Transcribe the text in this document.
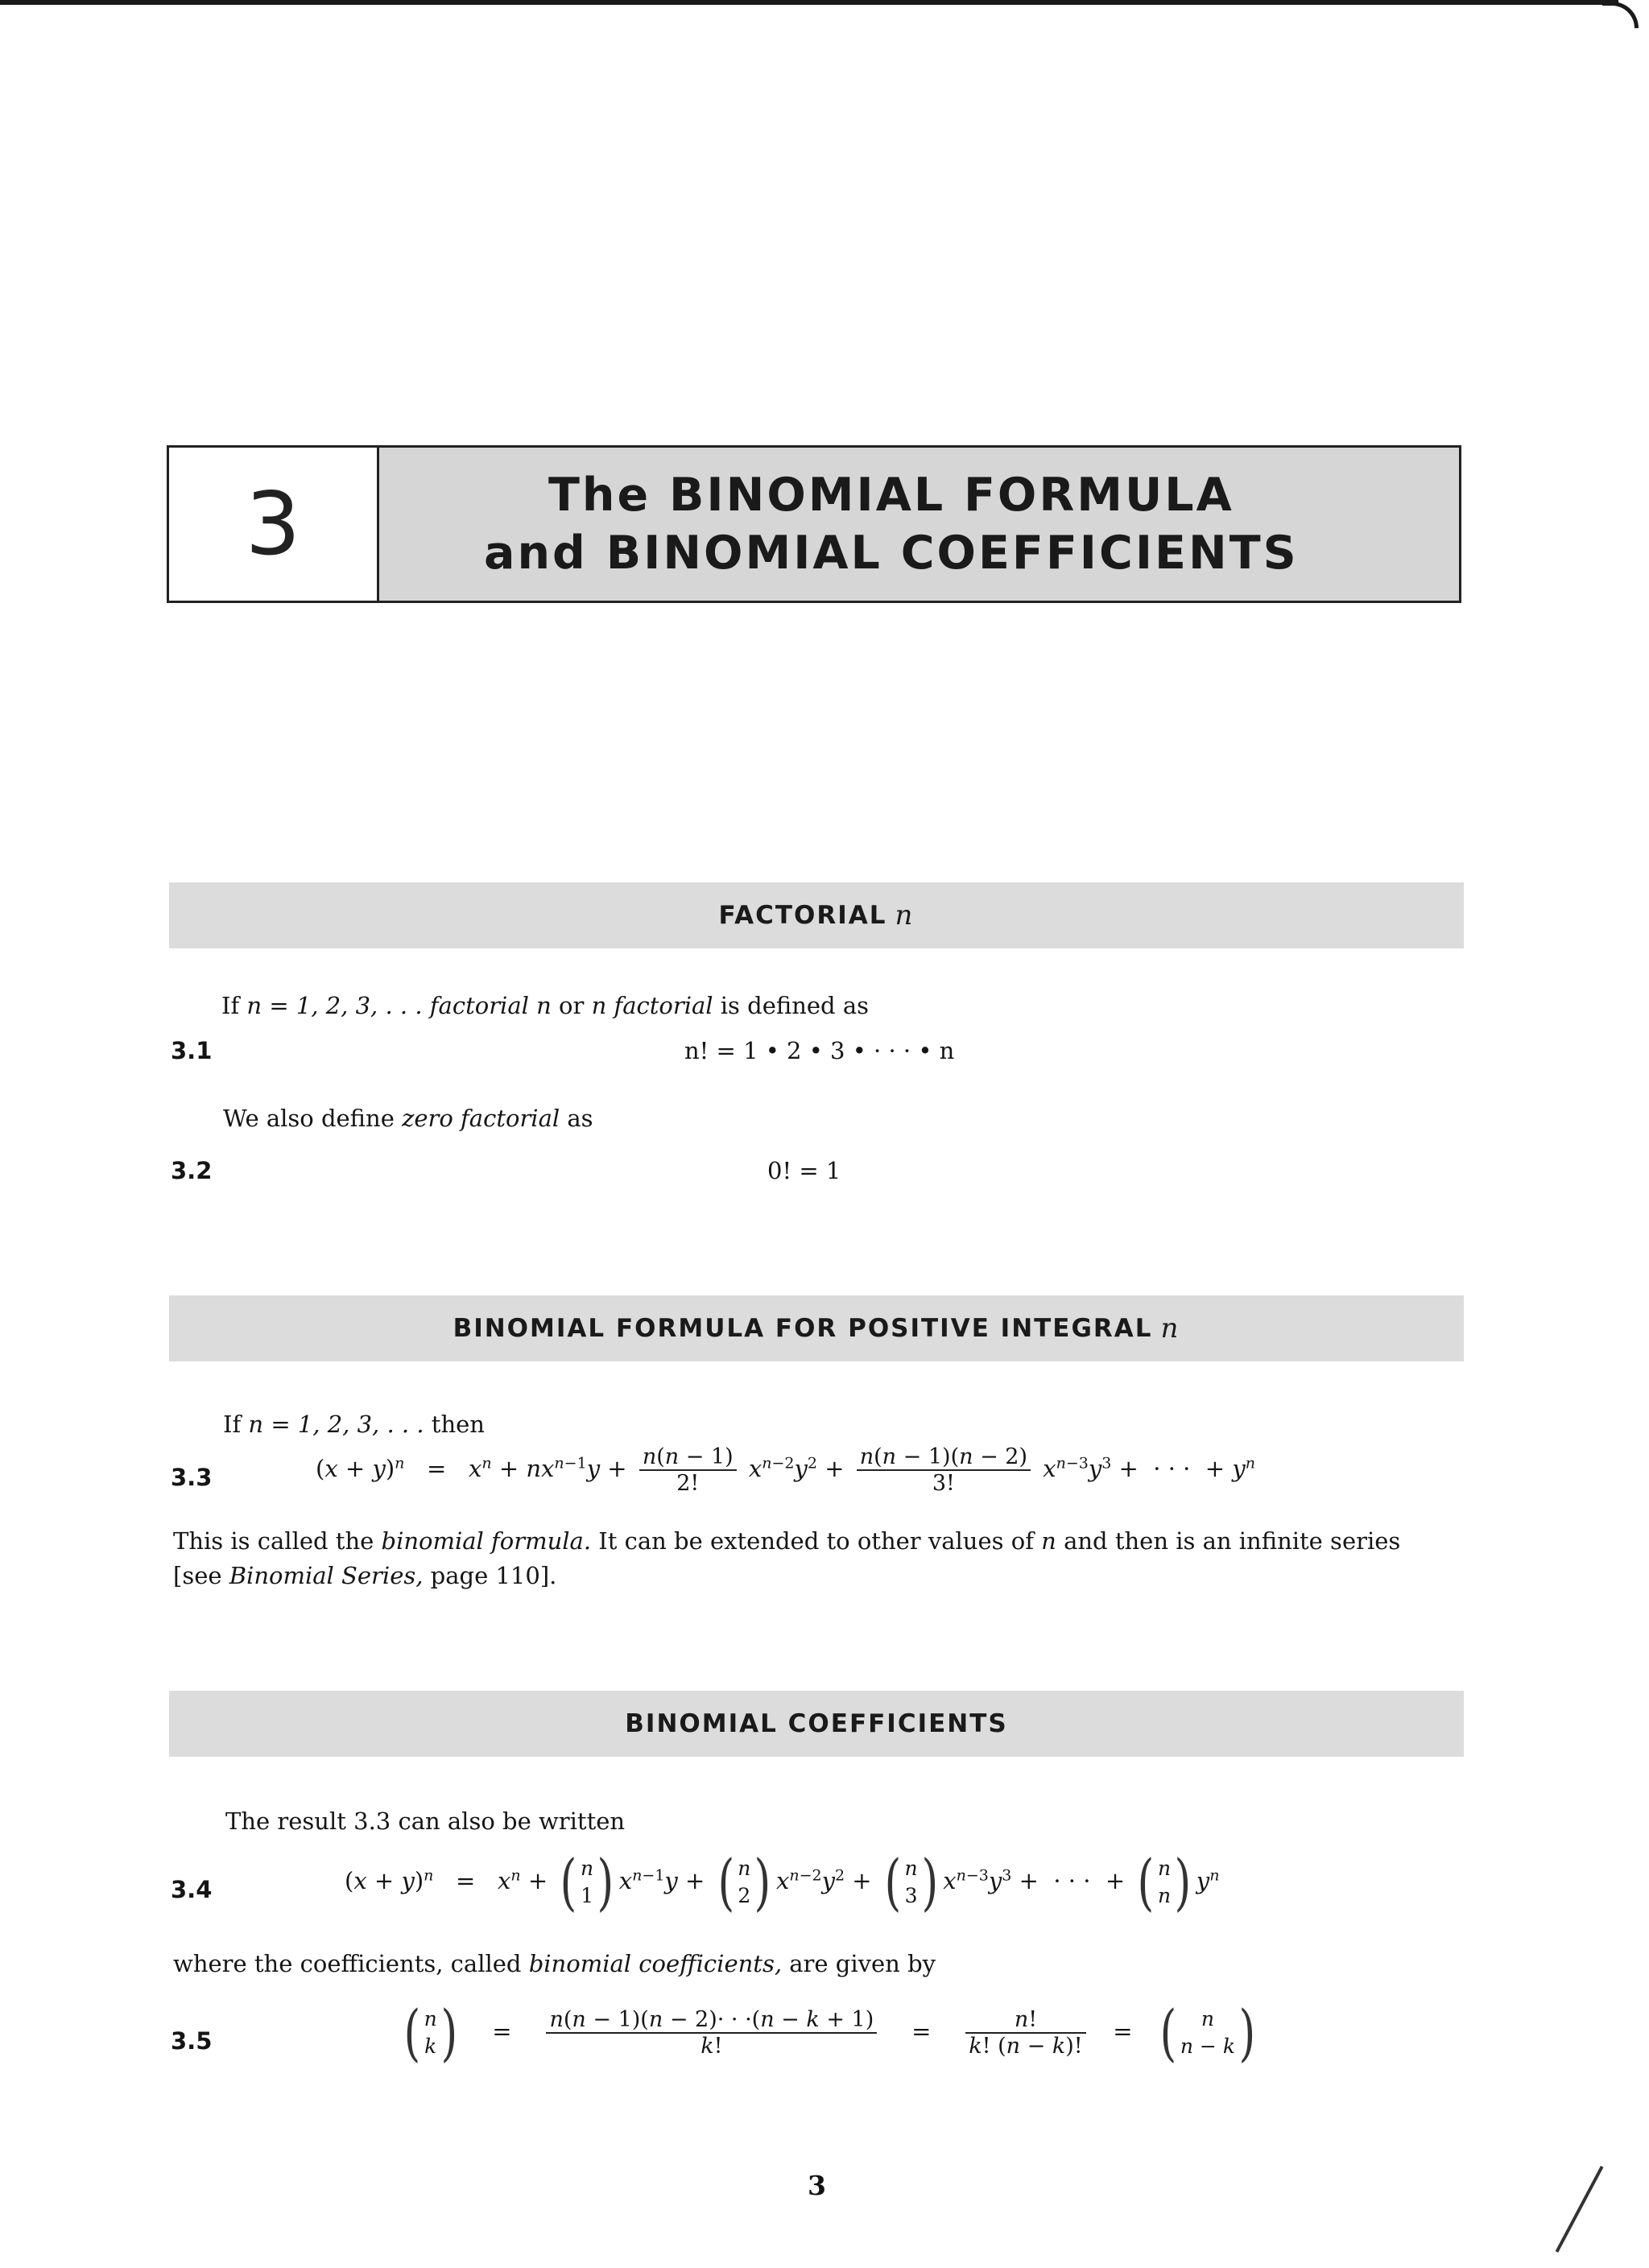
3	The BINOMIAL FORMULA
and BINOMIAL COEFFICIENTS
FACTORIAL n
If n = 1, 2, 3, . . . factorial n or n factorial is defined as
3.1	n! = 1 • 2 • 3 • · · · • n
We also define zero factorial as
3.2	0! = 1
BINOMIAL FORMULA FOR POSITIVE INTEGRAL n
If n = 1, 2, 3, . . . then
3.3	$(x + y)^n = x^n + nx^{n-1}y + \frac{n(n - 1)}{2!} x^{n-2}y^2 + \frac{n(n - 1)(n - 2)}{3!} x^{n-3}y^3$ +  · · ·  + $y^n$
This is called the binomial formula. It can be extended to other values of n and then is an infinite series
[see Binomial Series, page 110].
BINOMIAL COEFFICIENTS
The result 3.3 can also be written
3.4	$(x + y)^n = x^n$ + ( n
1 ) $x^{n-1}y$ + ( n
2 ) $x^{n-2}y^2$ + ( n
3 ) $x^{n-3}y^3$ +  · · ·  + ( n
n ) $y^n$
where the coefficients, called binomial coefficients, are given by
3.5	( n
k ) = $\frac{n(n - 1)(n - 2)\cdot \cdot \cdot(n - k + 1)}{k!} = \frac{n!}{k! (n - k)!}$ = ( n
n − k )
3
